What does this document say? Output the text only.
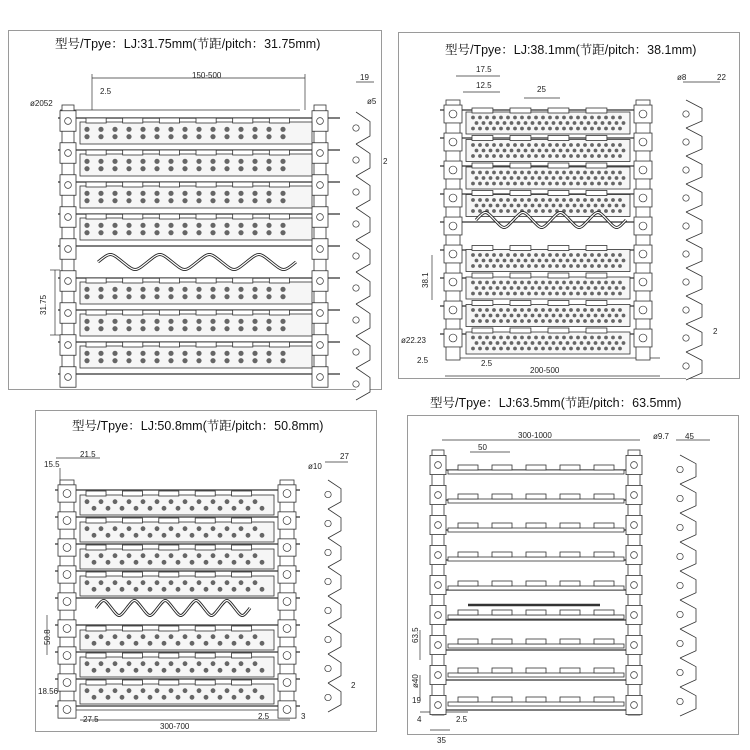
型号/Tpye：LJ:31.75mm(节距/pitch：31.75mm)
150-500
2.5
ø2052
31.75
19
ø5
2
型号/Tpye：LJ:38.1mm(节距/pitch：38.1mm)
17.5
12.5	25
38.1
ø22.23
2.5	2.5
200-500
ø8	22
2
型号/Tpye：LJ:50.8mm(节距/pitch：50.8mm)
15.5
21.5
50.8
18.56
27.5
300-700
2.5	3
ø10
27
2
型号/Tpye：LJ:63.5mm(节距/pitch：63.5mm)
300-1000
50
63.5
ø40
19
4	2.5
35
ø9.7 45
